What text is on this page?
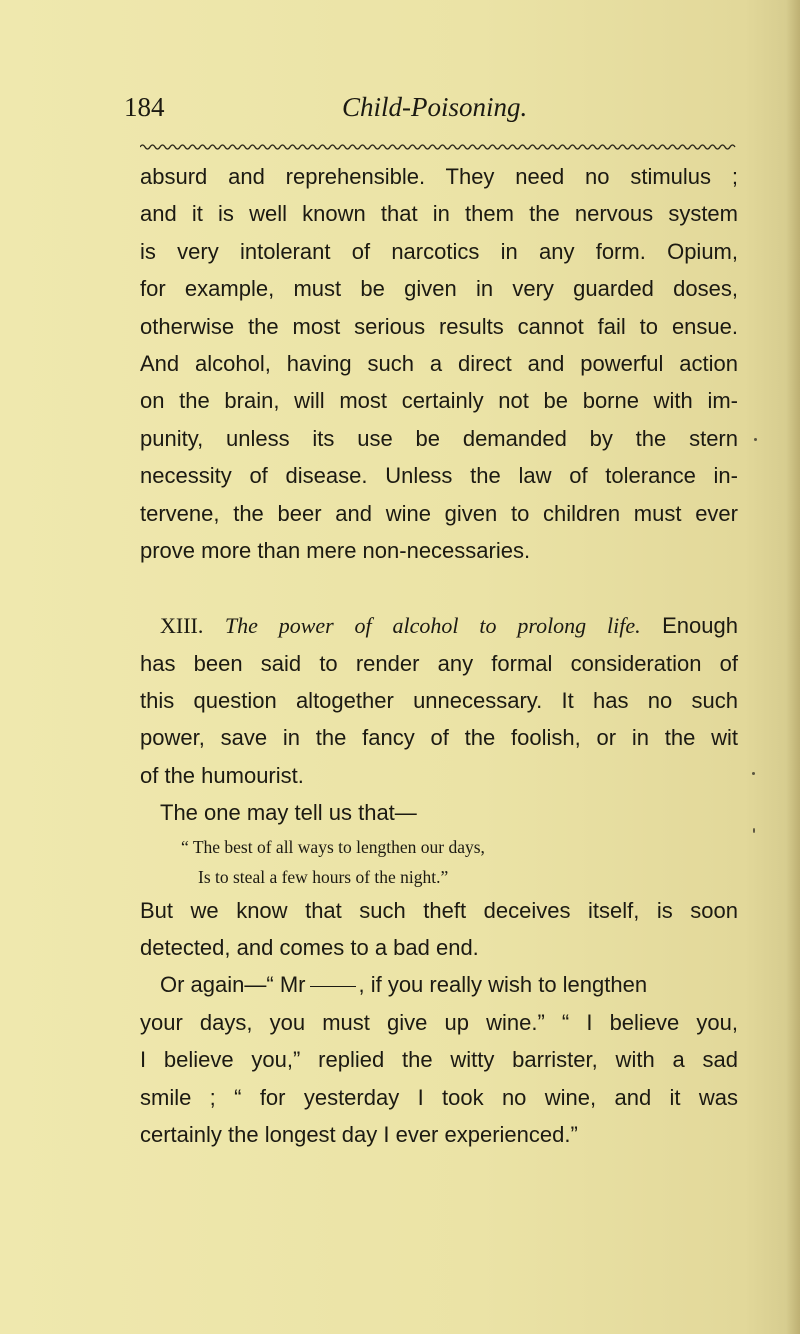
184	Child-Poisoning.
absurd and reprehensible. They need no stimulus ;
and it is well known that in them the nervous system
is very intolerant of narcotics in any form. Opium,
for example, must be given in very guarded doses,
otherwise the most serious results cannot fail to ensue.
And alcohol, having such a direct and powerful action
on the brain, will most certainly not be borne with im-
punity, unless its use be demanded by the stern
necessity of disease. Unless the law of tolerance in-
tervene, the beer and wine given to children must ever
prove more than mere non-necessaries.
XIII. The power of alcohol to prolong life. Enough
has been said to render any formal consideration of
this question altogether unnecessary. It has no such
power, save in the fancy of the foolish, or in the wit
of the humourist.
The one may tell us that—
“ The best of all ways to lengthen our days,
Is to steal a few hours of the night.”
But we know that such theft deceives itself, is soon
detected, and comes to a bad end.
Or again—“ Mr , if you really wish to lengthen
your days, you must give up wine.” “ I believe you,
I believe you,” replied the witty barrister, with a sad
smile ; “ for yesterday I took no wine, and it was
certainly the longest day I ever experienced.”
